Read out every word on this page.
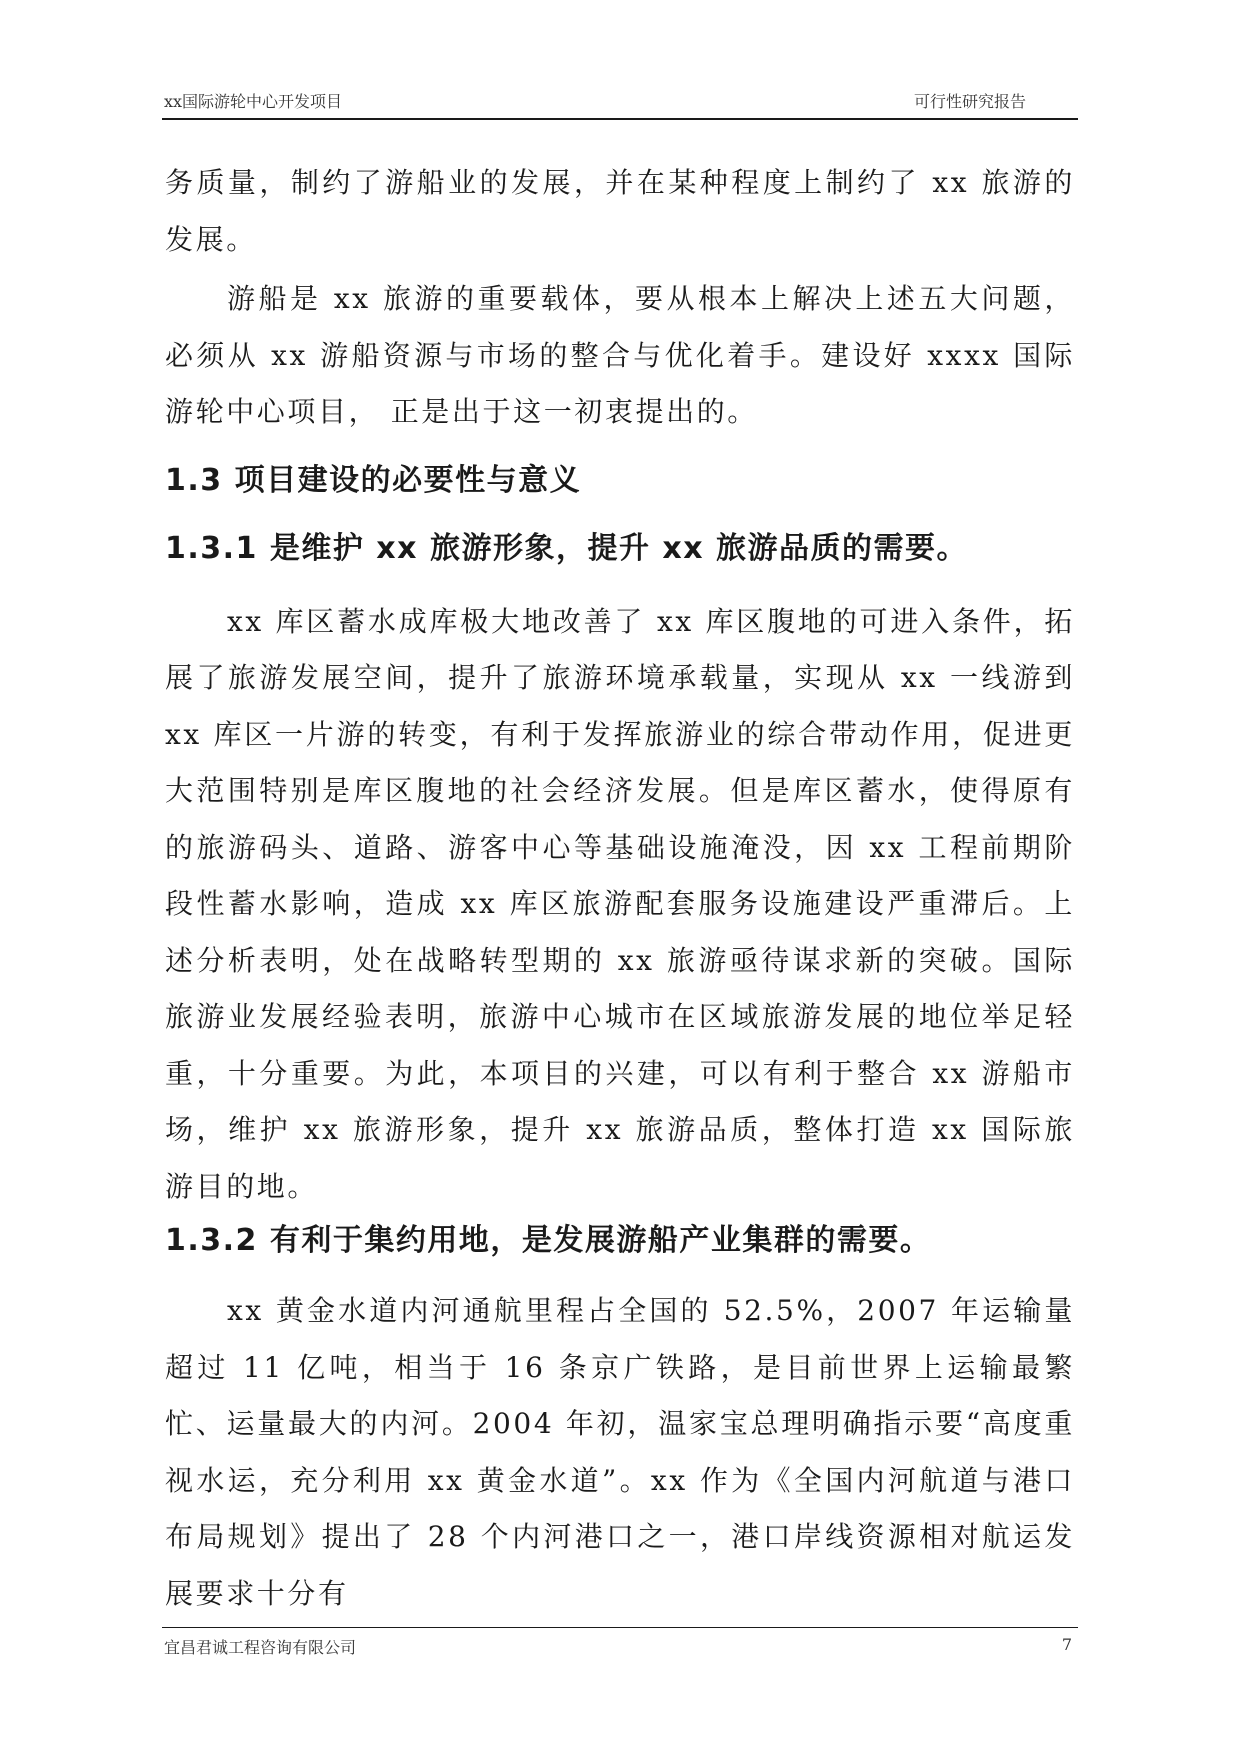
xx国际游轮中心开发项目	可行性研究报告

务质量，制约了游船业的发展，并在某种程度上制约了 xx 旅游的发展。

游船是 xx 旅游的重要载体，要从根本上解决上述五大问题，必须从 xx 游船资源与市场的整合与优化着手。建设好 xxxx 国际游轮中心项目， 正是出于这一初衷提出的。

1.3 项目建设的必要性与意义
1.3.1 是维护 xx 旅游形象，提升 xx 旅游品质的需要。

xx 库区蓄水成库极大地改善了 xx 库区腹地的可进入条件，拓展了旅游发展空间，提升了旅游环境承载量，实现从 xx 一线游到 xx 库区一片游的转变，有利于发挥旅游业的综合带动作用，促进更大范围特别是库区腹地的社会经济发展。但是库区蓄水，使得原有的旅游码头、道路、游客中心等基础设施淹没，因 xx 工程前期阶段性蓄水影响，造成 xx 库区旅游配套服务设施建设严重滞后。上述分析表明，处在战略转型期的 xx 旅游亟待谋求新的突破。国际旅游业发展经验表明，旅游中心城市在区域旅游发展的地位举足轻重，十分重要。为此，本项目的兴建，可以有利于整合 xx 游船市场，维护 xx 旅游形象，提升 xx 旅游品质，整体打造 xx 国际旅游目的地。

1.3.2 有利于集约用地，是发展游船产业集群的需要。

xx 黄金水道内河通航里程占全国的 52.5%，2007 年运输量超过 11 亿吨，相当于 16 条京广铁路，是目前世界上运输最繁忙、运量最大的内河。2004 年初，温家宝总理明确指示要“高度重视水运，充分利用 xx 黄金水道”。xx 作为《全国内河航道与港口布局规划》提出了 28 个内河港口之一，港口岸线资源相对航运发展要求十分有

宜昌君诚工程咨询有限公司	7
